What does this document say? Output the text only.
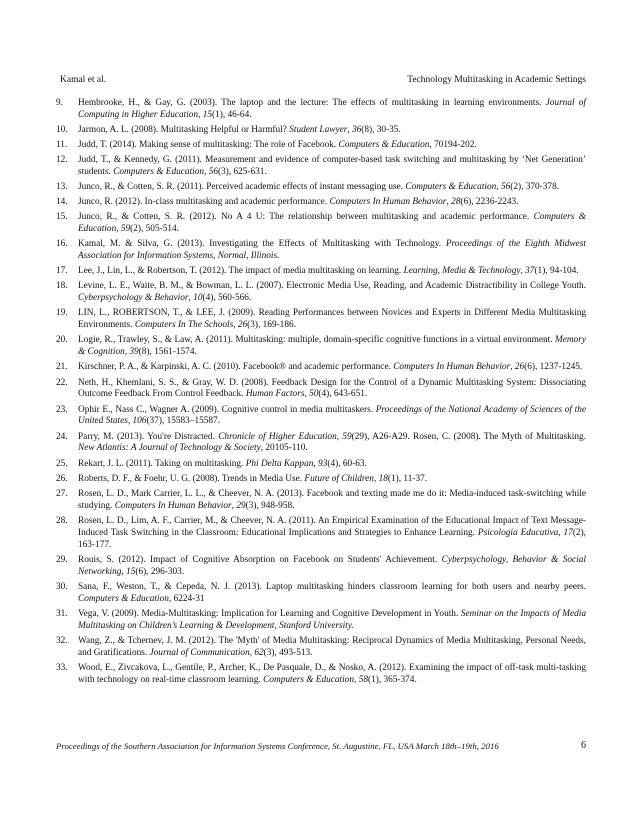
Kamal et al.	Technology Multitasking in Academic Settings
9. Hembrooke, H., & Gay, G. (2003). The laptop and the lecture: The effects of multitasking in learning environments. Journal of Computing in Higher Education, 15(1), 46-64.
10. Jarmon, A. L. (2008). Multitasking Helpful or Harmful? Student Lawyer, 36(8), 30-35.
11. Judd, T. (2014). Making sense of multitasking: The role of Facebook. Computers & Education, 70194-202.
12. Judd, T., & Kennedy, G. (2011). Measurement and evidence of computer-based task switching and multitasking by ‘Net Generation’ students. Computers & Education, 56(3), 625-631.
13. Junco, R., & Cotten, S. R. (2011). Perceived academic effects of instant messaging use. Computers & Education, 56(2), 370-378.
14. Junco, R. (2012). In-class multitasking and academic performance. Computers In Human Behavior, 28(6), 2236-2243.
15. Junco, R., & Cotten, S. R. (2012). No A 4 U: The relationship between multitasking and academic performance. Computers & Education, 59(2), 505-514.
16. Kamal, M. & Silva, G. (2013). Investigating the Effects of Multitasking with Technology. Proceedings of the Eighth Midwest Association for Information Systems, Normal, Illinois.
17. Lee, J., Lin, L., & Robertson, T. (2012). The impact of media multitasking on learning. Learning, Media & Technology, 37(1), 94-104.
18. Levine, L. E., Waite, B. M., & Bowman, L. L. (2007). Electronic Media Use, Reading, and Academic Distractibility in College Youth. Cyberpsychology & Behavior, 10(4), 560-566.
19. LIN, L., ROBERTSON, T., & LEE, J. (2009). Reading Performances between Novices and Experts in Different Media Multitasking Environments. Computers In The Schools, 26(3), 169-186.
20. Logie, R., Trawley, S., & Law, A. (2011). Multitasking: multiple, domain-specific cognitive functions in a virtual environment. Memory & Cognition, 39(8), 1561-1574.
21. Kirschner, P. A., & Karpinski, A. C. (2010). Facebook® and academic performance. Computers In Human Behavior, 26(6), 1237-1245.
22. Neth, H., Khemlani, S. S., & Gray, W. D. (2008). Feedback Design for the Control of a Dynamic Multitasking System: Dissociating Outcome Feedback From Control Feedback. Human Factors, 50(4), 643-651.
23. Ophir E., Nass C., Wagner A. (2009). Cognitive control in media multitaskers. Proceedings of the National Academy of Sciences of the United States, 106(37), 15583–15587.
24. Parry, M. (2013). You're Distracted. Chronicle of Higher Education, 59(29), A26-A29. Rosen, C. (2008). The Myth of Multitasking. New Atlantis: A Journal of Technology & Society, 20105-110.
25. Rekart, J. L. (2011). Taking on multitasking. Phi Delta Kappan, 93(4), 60-63.
26. Roberts, D. F., & Foehr, U. G. (2008). Trends in Media Use. Future of Children, 18(1), 11-37.
27. Rosen, L. D., Mark Carrier, L. L., & Cheever, N. A. (2013). Facebook and texting made me do it: Media-induced task-switching while studying. Computers In Human Behavior, 29(3), 948-958.
28. Rosen, L. D., Lim, A. F., Carrier, M., & Cheever, N. A. (2011). An Empirical Examination of the Educational Impact of Text Message-Induced Task Switching in the Classroom: Educational Implications and Strategies to Enhance Learning. Psicologia Educativa, 17(2), 163-177.
29. Rouis, S. (2012). Impact of Cognitive Absorption on Facebook on Students' Achievement. Cyberpsychology, Behavior & Social Networking, 15(6), 296-303.
30. Sana, F., Weston, T., & Cepeda, N. J. (2013). Laptop multitasking hinders classroom learning for both users and nearby peers. Computers & Education, 6224-31
31. Vega, V. (2009). Media-Multitasking: Implication for Learning and Cognitive Development in Youth. Seminar on the Impacts of Media Multitasking on Children’s Learning & Development, Stanford University.
32. Wang, Z., & Tchernev, J. M. (2012). The 'Myth' of Media Multitasking: Reciprocal Dynamics of Media Multitasking, Personal Needs, and Gratifications. Journal of Communication, 62(3), 493-513.
33. Wood, E., Zivcakova, L., Gentile, P., Archer, K., De Pasquale, D., & Nosko, A. (2012). Examining the impact of off-task multi-tasking with technology on real-time classroom learning. Computers & Education, 58(1), 365-374.
Proceedings of the Southern Association for Information Systems Conference, St. Augustine, FL, USA March 18th–19th, 2016	6
